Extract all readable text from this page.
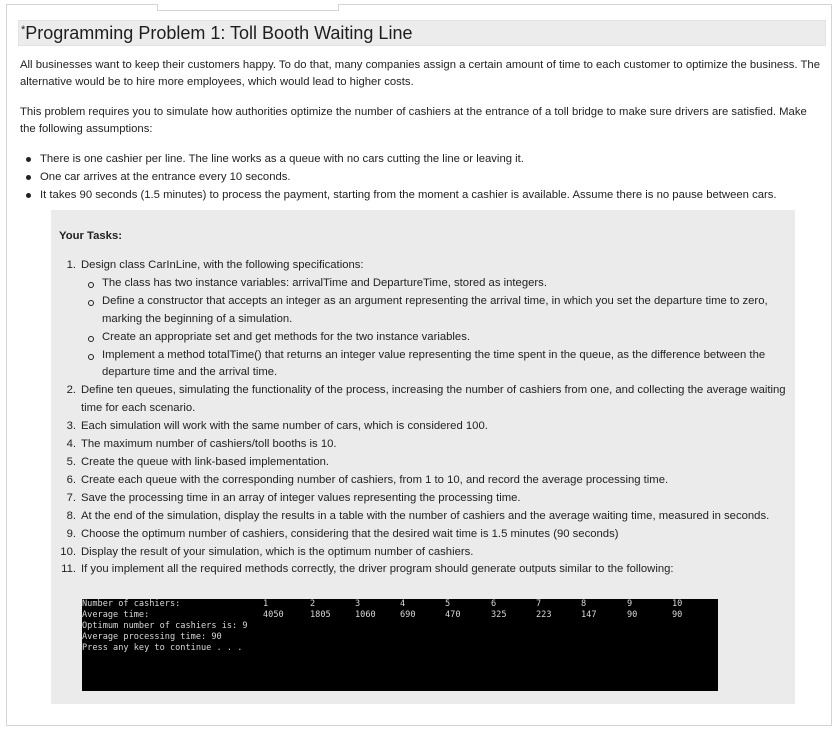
*Programming Problem 1: Toll Booth Waiting Line

All businesses want to keep their customers happy. To do that, many companies assign a certain amount of time to each customer to optimize the business. The alternative would be to hire more employees, which would lead to higher costs.

This problem requires you to simulate how authorities optimize the number of cashiers at the entrance of a toll bridge to make sure drivers are satisfied. Make the following assumptions:

There is one cashier per line. The line works as a queue with no cars cutting the line or leaving it.
One car arrives at the entrance every 10 seconds.
It takes 90 seconds (1.5 minutes) to process the payment, starting from the moment a cashier is available. Assume there is no pause between cars.
Your Tasks:
1. Design class CarInLine, with the following specifications:
The class has two instance variables: arrivalTime and DepartureTime, stored as integers.
Define a constructor that accepts an integer as an argument representing the arrival time, in which you set the departure time to zero, marking the beginning of a simulation.
Create an appropriate set and get methods for the two instance variables.
Implement a method totalTime() that returns an integer value representing the time spent in the queue, as the difference between the departure time and the arrival time.
2. Define ten queues, simulating the functionality of the process, increasing the number of cashiers from one, and collecting the average waiting time for each scenario.
3. Each simulation will work with the same number of cars, which is considered 100.
4. The maximum number of cashiers/toll booths is 10.
5. Create the queue with link-based implementation.
6. Create each queue with the corresponding number of cashiers, from 1 to 10, and record the average processing time.
7. Save the processing time in an array of integer values representing the processing time.
8. At the end of the simulation, display the results in a table with the number of cashiers and the average waiting time, measured in seconds.
9. Choose the optimum number of cashiers, considering that the desired wait time is 1.5 minutes (90 seconds)
10. Display the result of your simulation, which is the optimum number of cashiers.
11. If you implement all the required methods correctly, the driver program should generate outputs similar to the following:
Number of cashiers:	1	2	3	4	5	6	7	8	9	10
Average time:	4050	1805	1060	690	470	325	223	147	90	90
Optimum number of cashiers is: 9
Average processing time: 90
Press any key to continue . . .
